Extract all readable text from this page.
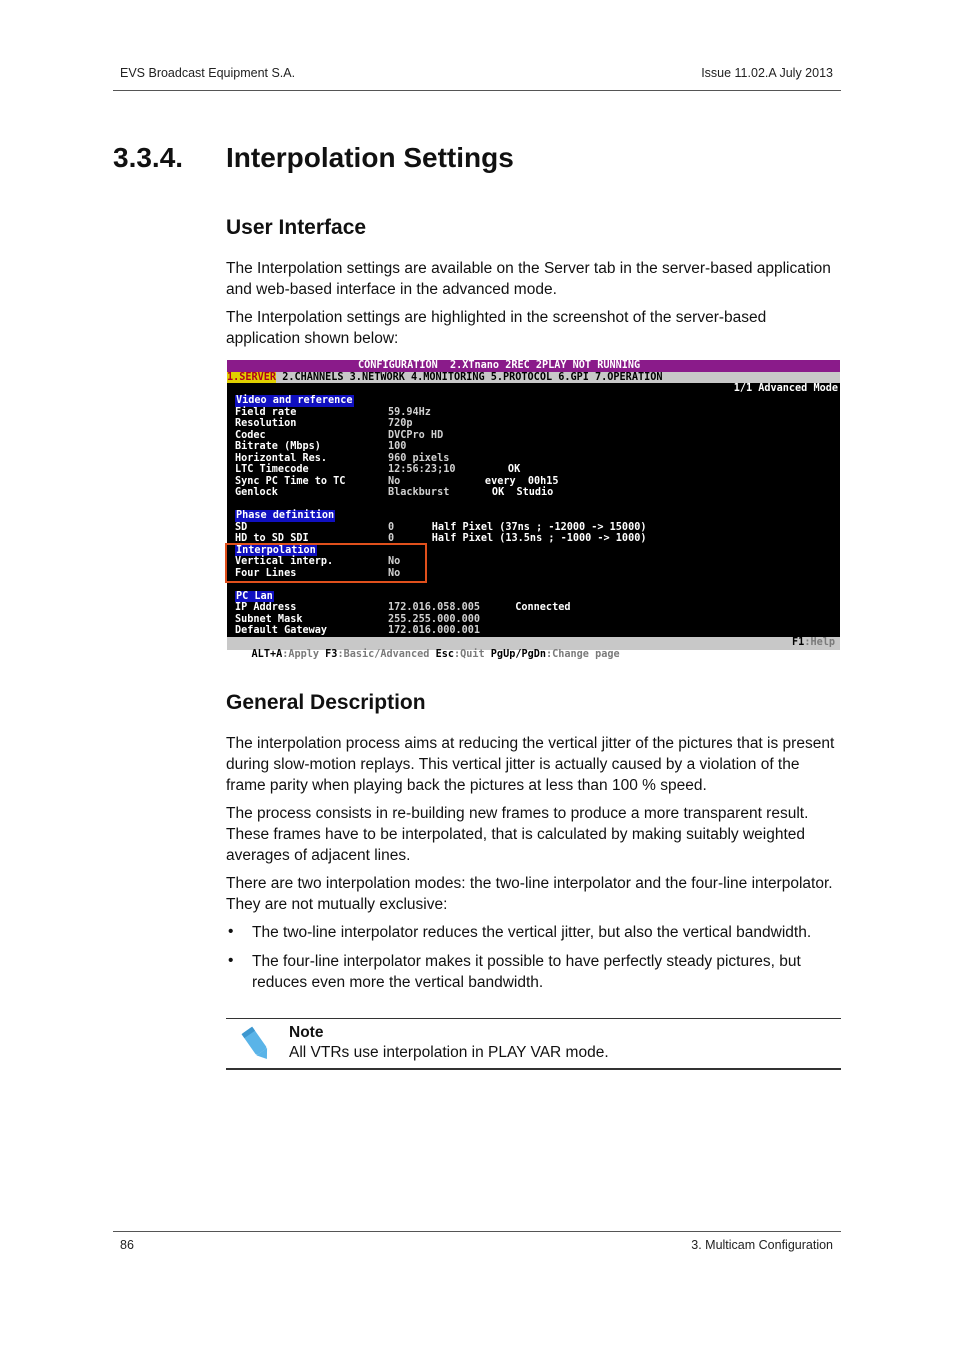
EVS Broadcast Equipment S.A.	Issue 11.02.A July 2013
3.3.4. Interpolation Settings
User Interface

The Interpolation settings are available on the Server tab in the server-based application and web-based interface in the advanced mode.

The Interpolation settings are highlighted in the screenshot of the server-based application shown below:

CONFIGURATION  2.XTnano 2REC 2PLAY NOT RUNNING
1.SERVER 2.CHANNELS 3.NETWORK 4.MONITORING 5.PROTOCOL 6.GPI 7.OPERATION
1/1 Advanced Mode
Video and reference
Field rate	59.94Hz
Resolution	720p
Codec	DVCPro HD
Bitrate (Mbps)	100
Horizontal Res.	960 pixels
LTC Timecode	12:56:23;10 OK
Sync PC Time to TC	No	every  00h15
Genlock	Blackburst OK  Studio
Phase definition
SD	0 Half Pixel (37ns ; -12000 -> 15000)
HD to SD SDI	0 Half Pixel (13.5ns ; -1000 -> 1000)
Interpolation
Vertical interp.	No
Four Lines	No
PC Lan
IP Address	172.016.058.005 Connected
Subnet Mask	255.255.000.000
Default Gateway	172.016.000.001

ALT+A:Apply F3:Basic/Advanced Esc:Quit PgUp/PgDn:Change page

F1:Help

General Description

The interpolation process aims at reducing the vertical jitter of the pictures that is present during slow-motion replays. This vertical jitter is actually caused by a violation of the frame parity when playing back the pictures at less than 100 % speed.

The process consists in re-building new frames to produce a more transparent result. These frames have to be interpolated, that is calculated by making suitably weighted averages of adjacent lines.

There are two interpolation modes: the two-line interpolator and the four-line interpolator. They are not mutually exclusive:

• The two-line interpolator reduces the vertical jitter, but also the vertical bandwidth.

• The four-line interpolator makes it possible to have perfectly steady pictures, but reduces even more the vertical bandwidth.

Note
All VTRs use interpolation in PLAY VAR mode.
86	3. Multicam Configuration
